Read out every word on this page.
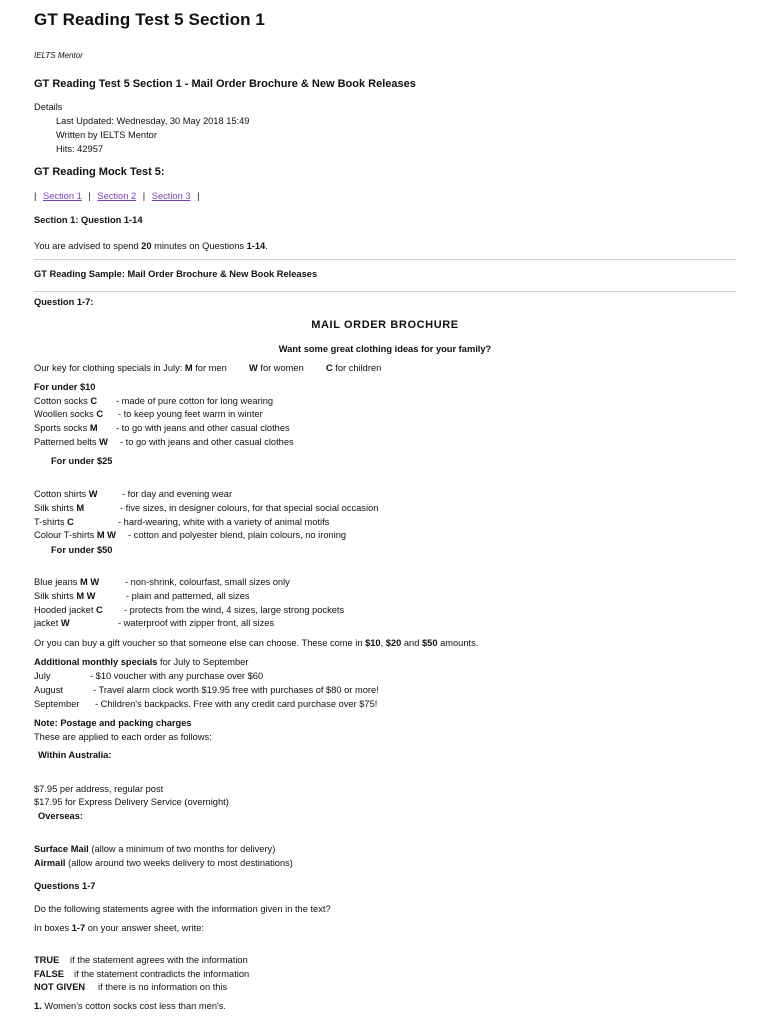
GT Reading Test 5 Section 1
IELTS Mentor
GT Reading Test 5 Section 1 - Mail Order Brochure & New Book Releases
Details
Last Updated: Wednesday, 30 May 2018 15:49
Written by IELTS Mentor
Hits: 42957
GT Reading Mock Test 5:
| Section 1 | Section 2 | Section 3 |
Section 1: Question 1-14
You are advised to spend 20 minutes on Questions 1-14.
GT Reading Sample: Mail Order Brochure & New Book Releases
Question 1-7:
MAIL ORDER BROCHURE
Want some great clothing ideas for your family?
Our key for clothing specials in July: M for men W for women C for children
For under $10
Cotton socks C - made of pure cotton for long wearing
Woollen socks C - to keep young feet warm in winter
Sports socks M - to go with jeans and other casual clothes
Patterned belts W - to go with jeans and other casual clothes
For under $25
Cotton shirts W	- for day and evening wear
Silk shirts M	- five sizes, in designer colours, for that special social occasion
T-shirts C	- hard-wearing, white with a variety of animal motifs
Colour T-shirts M W - cotton and polyester blend, plain colours, no ironing
For under $50
Blue jeans M W	- non-shrink, colourfast, small sizes only
Silk shirts M W	- plain and patterned, all sizes
Hooded jacket C - protects from the wind, 4 sizes, large strong pockets
jacket W	- waterproof with zipper front, all sizes
Or you can buy a gift voucher so that someone else can choose. These come in $10, $20 and $50 amounts.
Additional monthly specials for July to September
July	- $10 voucher with any purchase over $60
August	- Travel alarm clock worth $19.95 free with purchases of $80 or more!
September - Children's backpacks. Free with any credit card purchase over $75!
Note: Postage and packing charges
These are applied to each order as follows:
Within Australia:
$7.95 per address, regular post
$17.95 for Express Delivery Service (overnight)
Overseas:
Surface Mail (allow a minimum of two months for delivery)
Airmail (allow around two weeks delivery to most destinations)
Questions 1-7
Do the following statements agree with the information given in the text?
In boxes 1-7 on your answer sheet, write:
TRUE if the statement agrees with the information
FALSE if the statement contradicts the information
NOT GIVEN if there is no information on this
1. Women's cotton socks cost less than men's.
